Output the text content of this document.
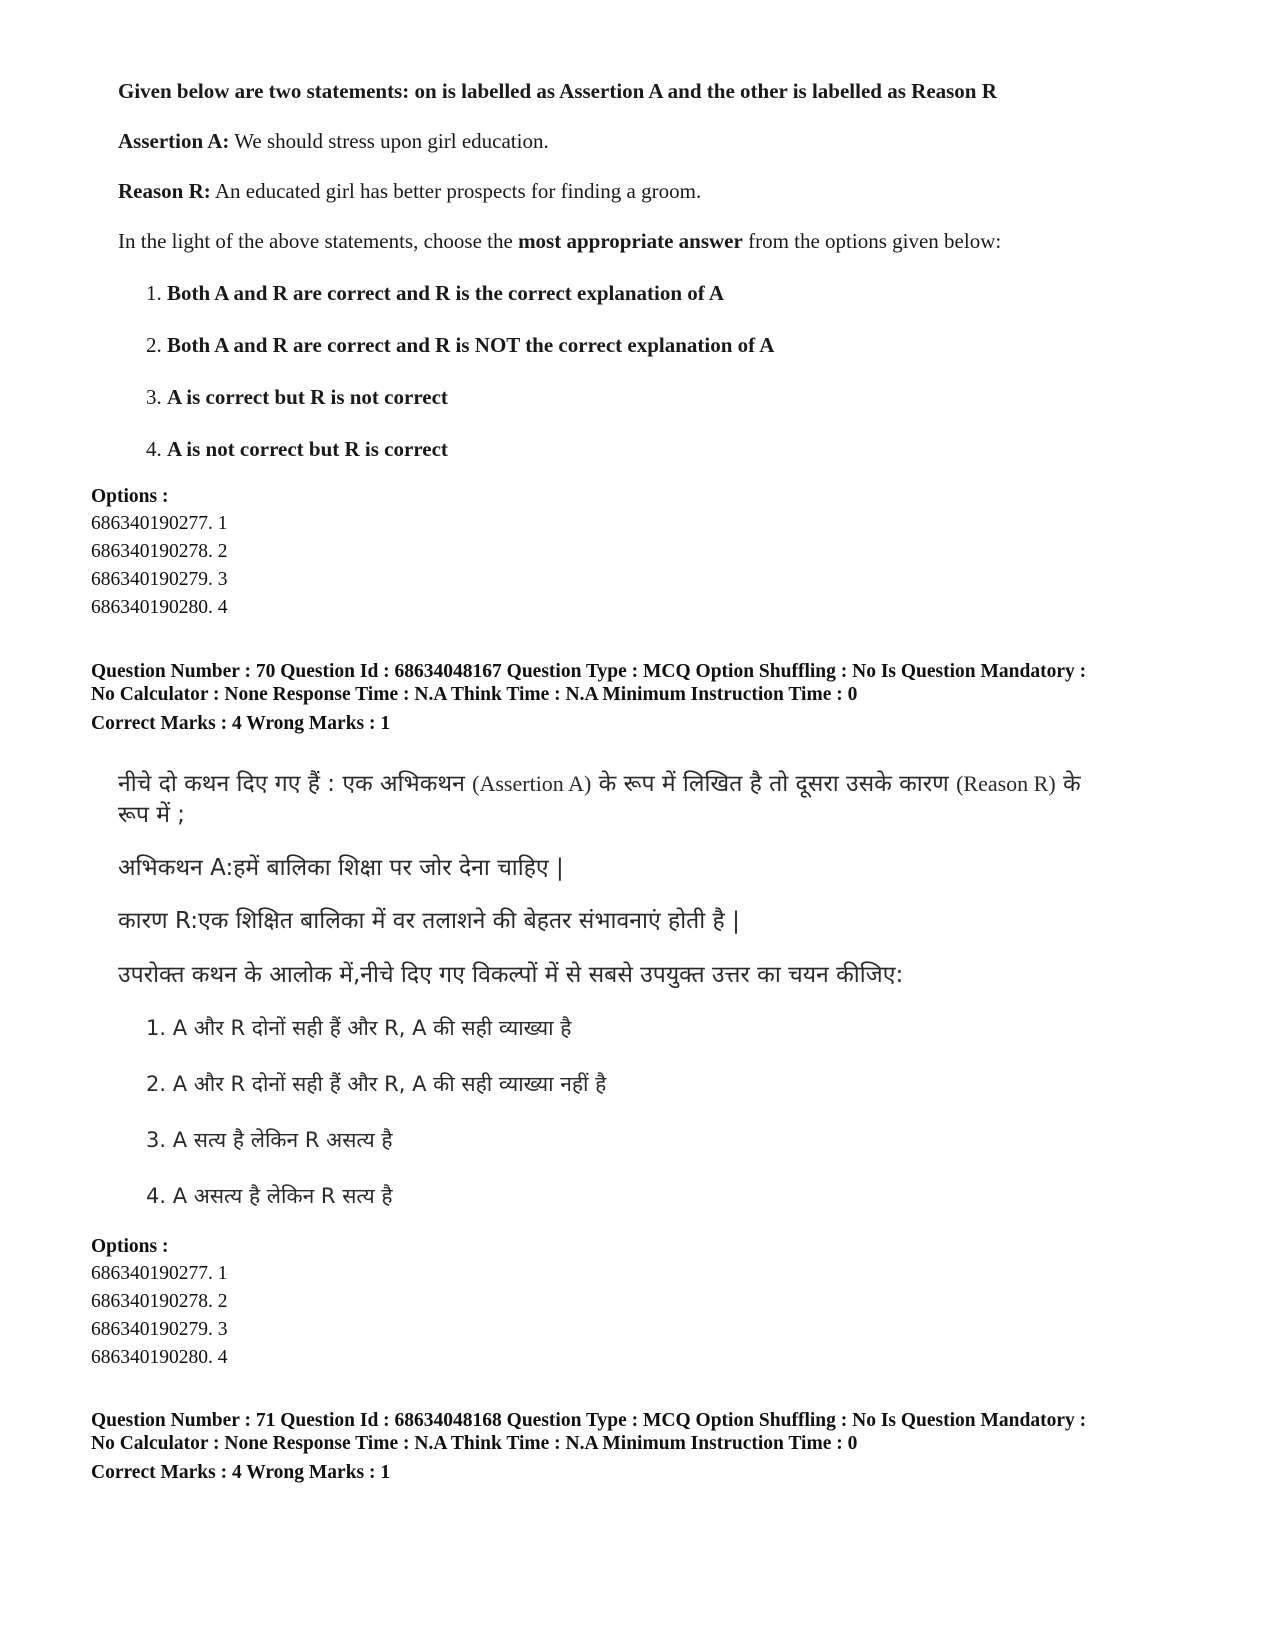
Given below are two statements: on is labelled as Assertion A and the other is labelled as Reason R
Assertion A: We should stress upon girl education.
Reason R: An educated girl has better prospects for finding a groom.
In the light of the above statements, choose the most appropriate answer from the options given below:
1. Both A and R are correct and R is the correct explanation of A
2. Both A and R are correct and R is NOT the correct explanation of A
3. A is correct but R is not correct
4. A is not correct but R is correct
Options :
686340190277. 1
686340190278. 2
686340190279. 3
686340190280. 4
Question Number : 70 Question Id : 68634048167 Question Type : MCQ Option Shuffling : No Is Question Mandatory :
No Calculator : None Response Time : N.A Think Time : N.A Minimum Instruction Time : 0
Correct Marks : 4 Wrong Marks : 1
नीचे दो कथन दिए गए हैं : एक अभिकथन (Assertion A) के रूप में लिखित है तो दूसरा उसके कारण (Reason R) के
रूप में ;
अभिकथन A:हमें बालिका शिक्षा पर जोर देना चाहिए |
कारण R:एक शिक्षित बालिका में वर तलाशने की बेहतर संभावनाएं होती है |
उपरोक्त कथन के आलोक में,नीचे दिए गए विकल्पों में से सबसे उपयुक्त उत्तर का चयन कीजिए:
1. A और R दोनों सही हैं और R, A की सही व्याख्या है
2. A और R दोनों सही हैं और R, A की सही व्याख्या नहीं है
3. A सत्य है लेकिन R असत्य है
4. A असत्य है लेकिन R सत्य है
Options :
686340190277. 1
686340190278. 2
686340190279. 3
686340190280. 4
Question Number : 71 Question Id : 68634048168 Question Type : MCQ Option Shuffling : No Is Question Mandatory :
No Calculator : None Response Time : N.A Think Time : N.A Minimum Instruction Time : 0
Correct Marks : 4 Wrong Marks : 1
